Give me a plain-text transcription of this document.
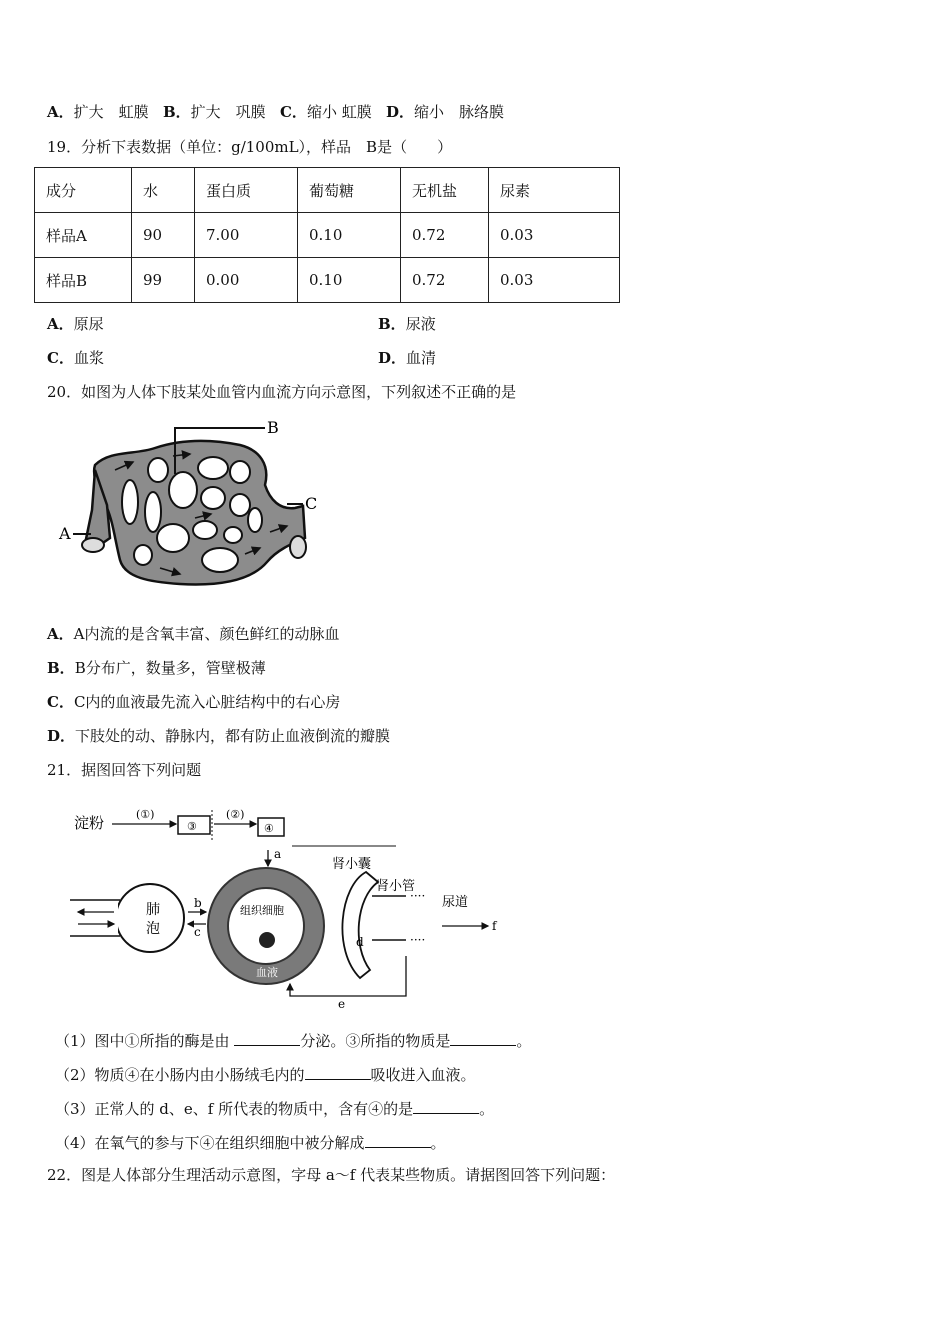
A．扩大　虹膜 B．扩大　巩膜 C．缩小 虹膜 D．缩小　脉络膜
19．分析下表数据（单位：g/100mL），样品　B是（　　）
成分	水	蛋白质	葡萄糖	无机盐	尿素
样品A	90	7.00	0.10	0.72	0.03
样品B	99	0.00	0.10	0.72	0.03
A．原尿	B．尿液
C．血浆	D．血清
20．如图为人体下肢某处血管内血流方向示意图，下列叙述不正确的是
B
A
C
A．A内流的是含氧丰富、颜色鲜红的动脉血
B．B分布广，数量多，管壁极薄
C．C内的血液最先流入心脏结构中的右心房
D．下肢处的动、静脉内，都有防止血液倒流的瓣膜
21．据图回答下列问题
淀粉	(①)
③
(②)
④
肺
泡
b
c
组织细胞
血液
a
肾小囊
肾小管
····
····
尿道
f
d
e
（1）图中①所指的酶是由	分泌。③所指的物质是	。
（2）物质④在小肠内由小肠绒毛内的	吸收进入血液。
（3）正常人的 d、e、f 所代表的物质中，含有④的是	。
（4）在氧气的参与下④在组织细胞中被分解成	。
22．图是人体部分生理活动示意图，字母 a～f 代表某些物质。请据图回答下列问题：
